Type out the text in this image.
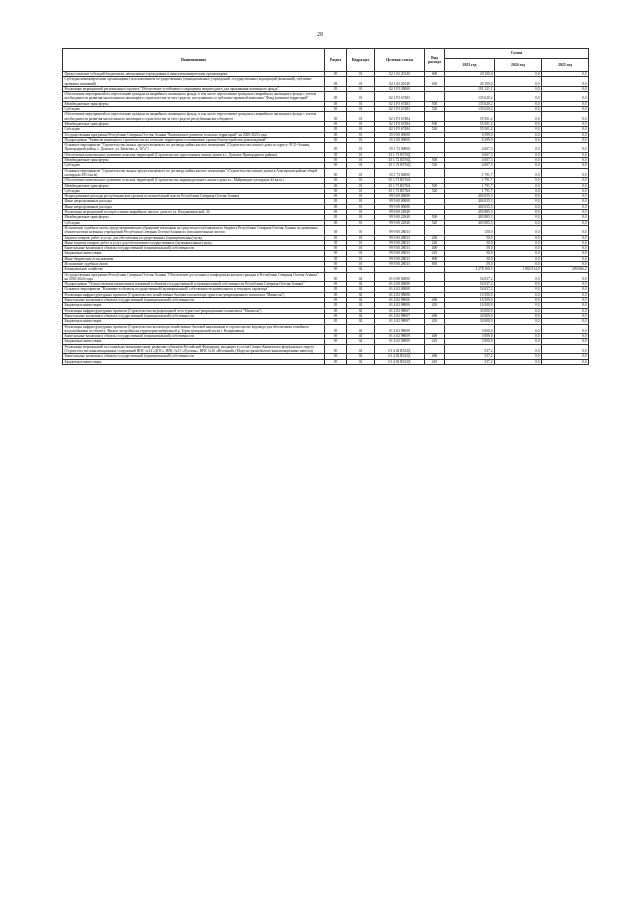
28
Наименование	Раздел	Подраздел	Целевая статья	Вид расхода	Сумма		
					2023 год	2024 год	2025 год
Предоставление субсидий бюджетным, автономным учреждениям и иным некоммерческим организациям	05	01	02 1 02 20140	600	20 100,0	0,0	0,0
Субсидии некоммерческим организациям (за исключением государственных (муниципальных) учреждений, государственных корпораций (компаний), публично-правовых компаний)	05	01	02 1 02 20140	630	20 100,0	0,0	0,0
Реализация мероприятий регионального проекта "Обеспечение устойчивого сокращения непригодного для проживания жилищного фонда"	05	01	02 1 F3 00000		191 121,1	0,0	0,0
Обеспечение мероприятий по переселению граждан из аварийного жилищного фонда, в том числе переселению граждан из аварийного жилищного фонда с учетом необходимости развития малоэтажного жилищного строительства за счет средств, поступивших от публично-правовой компании "Фонд развития территорий"	05	01	02 1 F3 67483		135 620,2	0,0	0,0
Межбюджетные трансферты	05	01	02 1 F3 67483	500	135 620,2	0,0	0,0
Субсидии	05	01	02 1 F3 67483	520	135 620,2	0,0	0,0
Обеспечение мероприятий по переселению граждан из аварийного жилищного фонда, в том числе переселению граждан из аварийного жилищного фонда с учетом необходимости развития малоэтажного жилищного строительства за счет средств республиканского бюджета	05	01	02 1 F3 67484		55 501,2	0,0	0,0
Межбюджетные трансферты	05	01	02 1 F3 67484	500	55 501,2	0,0	0,0
Субсидии	05	01	02 1 F3 67484	520	55 501,2	0,0	0,0
Государственная программа Республики Северная Осетия-Алания "Комплексное развитие сельских территорий" на 2020-2025 годы	05	01	35 0 00 00000		6 399,0	0,0	0,0
Подпрограмма "Развитие жилищного строительства на сельских территориях и повышение уровня благоустройства домовладений"	05	01	35 1 00 00000		6 399,0	0,0	0,0
Основное мероприятие "Строительство жилья, предоставляемого по договору найма жилого помещения" (Строительство жилого дома по адресу: РСО-Алания, Пригородный район, с. Донское, ул. Батагова, д. 16"а")	05	01	35 1 72 00000		4 607,3	0,0	0,0
Обеспечение комплексного развития сельских территорий (Строительство одноэтажных жилых домов в с. Донское Пригородного района)	05	01	35 1 72 R576Д		4 607,3	0,0	0,0
Межбюджетные трансферты	05	01	35 1 72 R576Д	500	4 607,3	0,0	0,0
Субсидии	05	01	35 1 72 R576Д	520	4 607,3	0,0	0,0
Основное мероприятие "Строительство жилья, предоставляемого по договору найма жилого помещения" (Строительство жилых домов в Алагирском районе общей площадью 2913 кв.м)	05	01	35 1 73 00000		1 791,7	0,0	0,0
Обеспечение комплексного развития сельских территорий (Строительство индивидуального жилого дома в с. Майрамадаг площадью 42 кв.м.)	05	01	35 1 73 R576А		1 791,7	0,0	0,0
Межбюджетные трансферты	05	01	35 1 73 R576А	500	1 791,7	0,0	0,0
Субсидии	05	01	35 1 73 R576А	520	1 791,7	0,0	0,0
Непрограммные расходы республиканских органов исполнительной власти Республики Северная Осетия-Алания	05	01	99 0 00 00000		404 035,3	0,0	0,0
Иные непрограммные расходы	05	01	99 9 00 00000		404 035,3	0,0	0,0
Иные непрограммные расходы	05	01	99 9 00 00000		404 035,3	0,0	0,0
Реализация мероприятий по переселению аварийного жилого дома по ул. Владикавказской, 34	05	01	99 9 00 22940		403 885,3	0,0	0,0
Межбюджетные трансферты	05	01	99 9 00 22940	500	403 885,3	0,0	0,0
Субсидии	05	01	99 9 00 22940	520	403 885,3	0,0	0,0
Исполнение судебных актов, предусматривающих обращение взыскания на средства республиканского бюджета Республики Северная Осетия-Алания по денежным обязательствам казенных учреждений Республики Северная Осетия-Алания по исполнительным листам	05	01	99 9 00 28033		150,0	0,0	0,0
Закупка товаров, работ и услуг для обеспечения государственных (муниципальных) нужд	05	01	99 9 00 28033	200	50,0	0,0	0,0
Иные закупки товаров, работ и услуг для обеспечения государственных (муниципальных) нужд	05	01	99 9 00 28033	240	50,0	0,0	0,0
Капитальные вложения в объекты государственной (муниципальной) собственности	05	01	99 9 00 28033	400	50,0	0,0	0,0
Бюджетные инвестиции	05	01	99 9 00 28033	410	50,0	0,0	0,0
Иные бюджетные ассигнования	05	01	99 9 00 28033	800	50,0	0,0	0,0
Исполнение судебных актов	05	01	99 9 00 28033	830	50,0	0,0	0,0
Коммунальное хозяйство	05	02			2 278 160,3	1 802 914,0	280 066,2
Государственная программа Республики Северная Осетия-Алания "Обеспечение доступным и комфортным жильем граждан в Республике Северная Осетия-Алания" на 2016-2024 годы	05	02	01 0 00 00000		54 037,2	0,0	0,0
Подпрограмма "Осуществление капитальных вложений в объекты государственной и муниципальной собственности Республики Северная Осетия-Алания"	05	02	01 4 00 00000		54 037,2	0,0	0,0
Основное мероприятие "Вложение в объекты государственной (муниципальной) собственности капитального и текущего характера"	05	02	01 4 02 00000		54 037,2	0,0	0,0
Реализация инфраструктурных проектов (Строительство хозяйственно-бытового коллектора туристско-рекреационного комплекса "Мамисон")	05	02	01 4 02 98006		16 500,0	0,0	0,0
Капитальные вложения в объекты государственной (муниципальной) собственности	05	02	01 4 02 98006	400	16 500,0	0,0	0,0
Бюджетные инвестиции	05	02	01 4 02 98006	410	16 500,0	0,0	0,0
Реализация инфраструктурных проектов (Строительство водопроводной сети туристско-рекреационного комплекса "Мамисон")	05	02	01 4 02 98007		34 000,0	0,0	0,0
Капитальные вложения в объекты государственной (муниципальной) собственности	05	02	01 4 02 98007	400	34 000,0	0,0	0,0
Бюджетные инвестиции	05	02	01 4 02 98007	410	34 000,0	0,0	0,0
Реализация инфраструктурных проектов (Строительство коллектора хозяйственно-бытовой канализации и строительство водовода для обеспечения семейного водоснабжения по объекту: Жилые застройки на территории набережной р. Терек центральной части г. Владикавказ)	05	02	01 4 02 98009		3 000,0	0,0	0,0
Капитальные вложения в объекты государственной (муниципальной) собственности	05	02	01 4 02 98009	400	3 000,0	0,0	0,0
Бюджетные инвестиции	05	02	01 4 02 98009	410	3 000,0	0,0	0,0
Реализация мероприятий по социально-экономическому развитию субъектов Российской Федерации, входящих в состав Северо-Кавказского федерального округа (Строительство канализационных сооружений ВНС №14 «ДОС», ВНС №15 «Луговая», ВНС №16 «Весенний» (Модели грязнобытово-канализационные навесы))	05	02	01 4 02 R523Д		537,2	0,0	0,0
Капитальные вложения в объекты государственной (муниципальной) собственности	05	02	01 4 02 R523Д	400	537,2	0,0	0,0
Бюджетные инвестиции	05	02	01 4 02 R523Д	410	537,2	0,0	0,0
